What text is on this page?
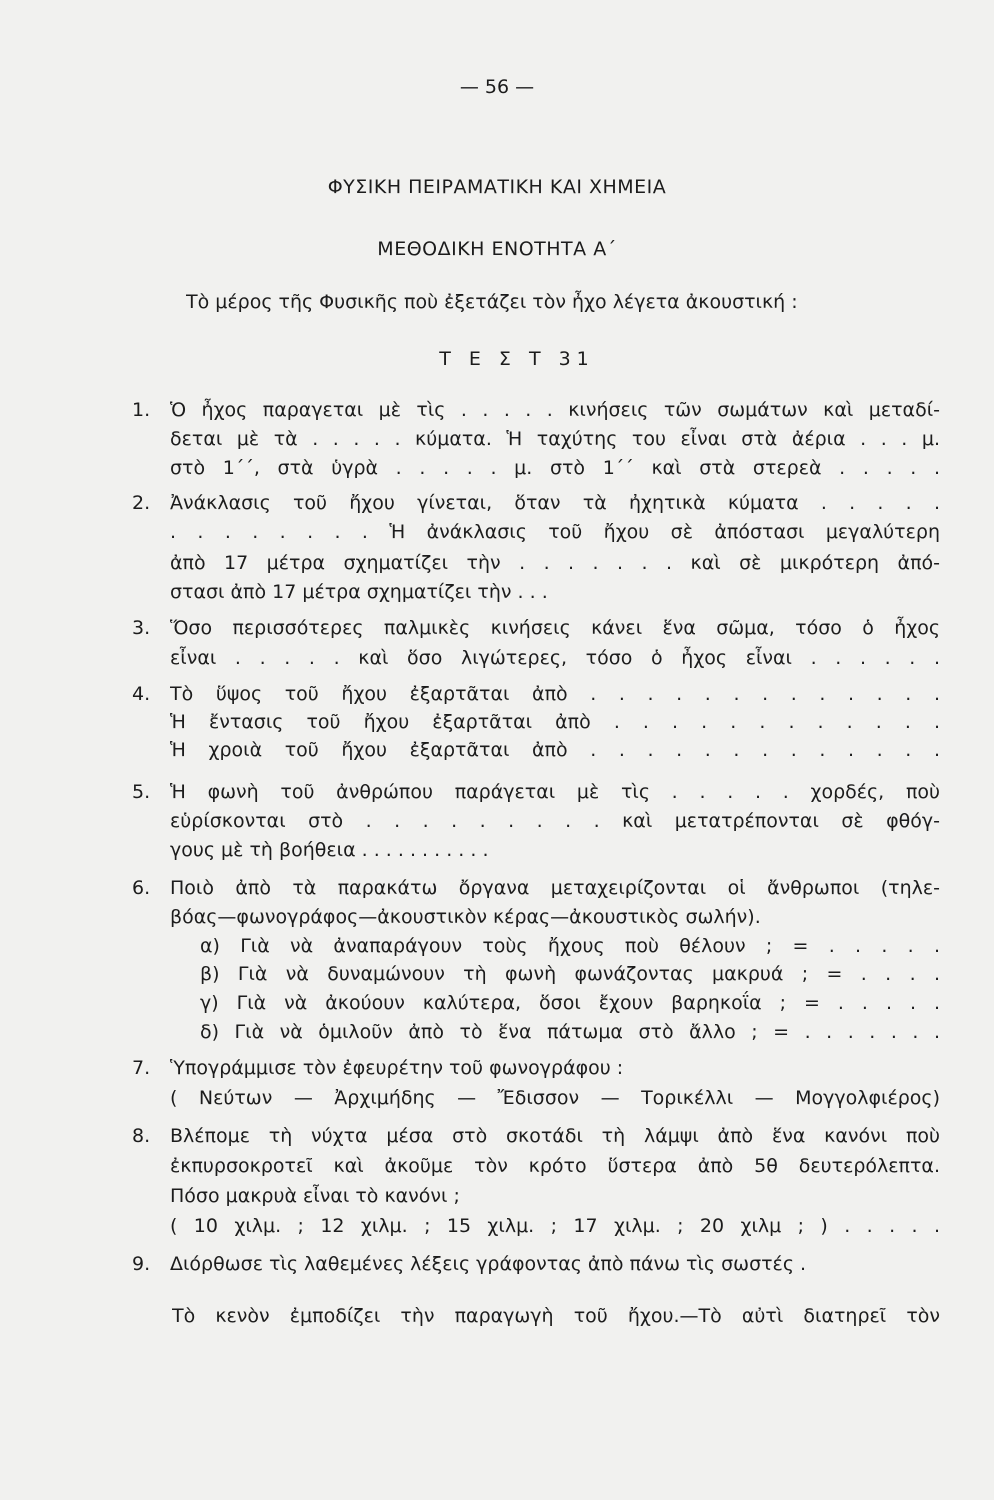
— 56 —
ΦΥΣΙΚΗ ΠΕΙΡΑΜΑΤΙΚΗ ΚΑΙ ΧΗΜΕΙΑ
ΜΕΘΟΔΙΚΗ ΕΝΟΤΗΤΑ Α΄
Τὸ μέρος τῆς Φυσικῆς ποὺ ἐξετάζει τὸν ἦχο λέγετα ἀκουστική :
Τ Ε Σ Τ 31
1.	Ὁ ἦχος παραγεται μὲ τὶς . . . . . κινήσεις τῶν σωμάτων καὶ μεταδί-
δεται μὲ τὰ . . . . . κύματα. Ἡ ταχύτης του εἶναι στὰ ἀέρια . . . μ.
στὸ 1΄΄, στὰ ὑγρὰ . . . . . μ. στὸ 1΄΄ καὶ στὰ στερεὰ . . . . .
2.	Ἀνάκλασις τοῦ ἤχου γίνεται, ὅταν τὰ ἠχητικὰ κύματα . . . . .
. . . . . . . . Ἡ ἀνάκλασις τοῦ ἤχου σὲ ἀπόστασι μεγαλύτερη
ἀπὸ 17 μέτρα σχηματίζει τὴν . . . . . . . καὶ σὲ μικρότερη ἀπό-
στασι ἀπὸ 17 μέτρα σχηματίζει τὴν . . .
3.	Ὅσο περισσότερες παλμικὲς κινήσεις κάνει ἕνα σῶμα, τόσο ὁ ἦχος
εἶναι . . . . . καὶ ὅσο λιγώτερες, τόσο ὁ ἦχος εἶναι . . . . . .
4.	Τὸ ὕψος τοῦ ἤχου ἐξαρτᾶται ἀπὸ . . . . . . . . . . . . .
Ἡ ἔντασις τοῦ ἤχου ἐξαρτᾶται ἀπὸ . . . . . . . . . . . .
Ἡ χροιὰ τοῦ ἤχου ἐξαρτᾶται ἀπὸ . . . . . . . . . . . . .
5.	Ἡ φωνὴ τοῦ ἀνθρώπου παράγεται μὲ τὶς . . . . . χορδές, ποὺ
εὑρίσκονται στὸ . . . . . . . . . καὶ μετατρέπονται σὲ φθόγ-
γους μὲ τὴ βοήθεια . . . . . . . . . . .
6.	Ποιὸ ἀπὸ τὰ παρακάτω ὄργανα μεταχειρίζονται οἱ ἄνθρωποι (τηλε-
βόας—φωνογράφος—ἀκουστικὸν κέρας—ἀκουστικὸς σωλήν).
α) Γιὰ νὰ ἀναπαράγουν τοὺς ἤχους ποὺ θέλουν ; = . . . . .
β) Γιὰ νὰ δυναμώνουν τὴ φωνὴ φωνάζοντας μακρυά ; = . . . .
γ) Γιὰ νὰ ἀκούουν καλύτερα, ὅσοι ἔχουν βαρηκοΐα ; = . . . . .
δ) Γιὰ νὰ ὁμιλοῦν ἀπὸ τὸ ἕνα πάτωμα στὸ ἄλλο ; = . . . . . . .
7.	Ὑπογράμμισε τὸν ἐφευρέτην τοῦ φωνογράφου :
( Νεύτων — Ἀρχιμήδης — Ἔδισσον — Τορικέλλι — Μογγολφιέρος)
8.	Βλέπομε τὴ νύχτα μέσα στὸ σκοτάδι τὴ λάμψι ἀπὸ ἕνα κανόνι ποὺ
ἐκπυρσοκροτεῖ καὶ ἀκοῦμε τὸν κρότο ὕστερα ἀπὸ 5θ δευτερόλεπτα.
Πόσο μακρυὰ εἶναι τὸ κανόνι ;
( 10 χιλμ. ; 12 χιλμ. ; 15 χιλμ. ; 17 χιλμ. ; 20 χιλμ ; ) . . . . .
9.	Διόρθωσε τὶς λαθεμένες λέξεις γράφοντας ἀπὸ πάνω τὶς σωστές .
Τὸ κενὸν ἐμποδίζει τὴν παραγωγὴ τοῦ ἤχου.—Τὸ αὐτὶ διατηρεῖ τὸν
